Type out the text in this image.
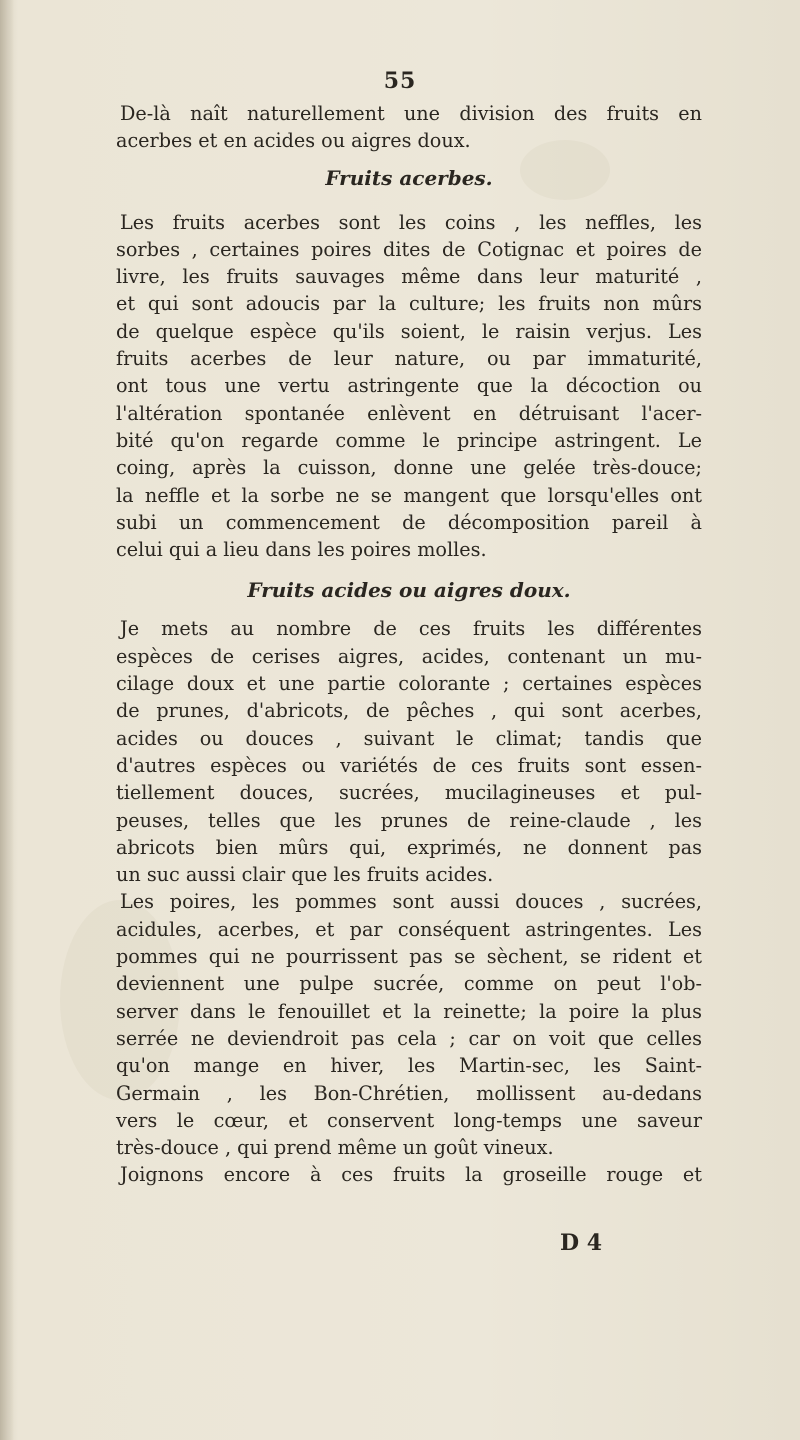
55
De-là naît naturellement une division des fruits en
acerbes et en acides ou aigres doux.
Fruits acerbes.
Les fruits acerbes sont les coins , les neffles, les
sorbes , certaines poires dites de Cotignac et poires de
livre, les fruits sauvages même dans leur maturité ,
et qui sont adoucis par la culture; les fruits non mûrs
de quelque espèce qu'ils soient, le raisin verjus. Les
fruits acerbes de leur nature, ou par immaturité,
ont tous une vertu astringente que la décoction ou
l'altération spontanée enlèvent en détruisant l'acer-
bité qu'on regarde comme le principe astringent. Le
coing, après la cuisson, donne une gelée très-douce;
la neffle et la sorbe ne se mangent que lorsqu'elles ont
subi un commencement de décomposition pareil à
celui qui a lieu dans les poires molles.
Fruits acides ou aigres doux.
Je mets au nombre de ces fruits les différentes
espèces de cerises aigres, acides, contenant un mu-
cilage doux et une partie colorante ; certaines espèces
de prunes, d'abricots, de pêches , qui sont acerbes,
acides ou douces , suivant le climat; tandis que
d'autres espèces ou variétés de ces fruits sont essen-
tiellement douces, sucrées, mucilagineuses et pul-
peuses, telles que les prunes de reine-claude , les
abricots bien mûrs qui, exprimés, ne donnent pas
un suc aussi clair que les fruits acides.
Les poires, les pommes sont aussi douces , sucrées,
acidules, acerbes, et par conséquent astringentes. Les
pommes qui ne pourrissent pas se sèchent, se rident et
deviennent une pulpe sucrée, comme on peut l'ob-
server dans le fenouillet et la reinette; la poire la plus
serrée ne deviendroit pas cela ; car on voit que celles
qu'on mange en hiver, les Martin-sec, les Saint-
Germain , les Bon-Chrétien, mollissent au-dedans
vers le cœur, et conservent long-temps une saveur
très-douce , qui prend même un goût vineux.
Joignons encore à ces fruits la groseille rouge et
D 4
